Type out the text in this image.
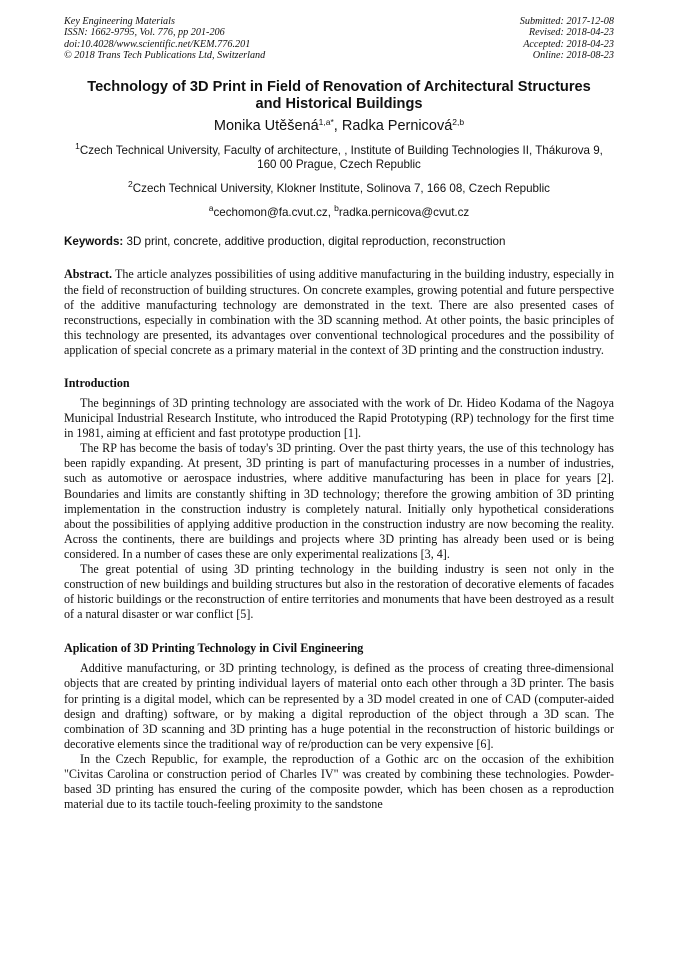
Key Engineering Materials
ISSN: 1662-9795, Vol. 776, pp 201-206
doi:10.4028/www.scientific.net/KEM.776.201
© 2018 Trans Tech Publications Ltd, Switzerland
Submitted: 2017-12-08
Revised: 2018-04-23
Accepted: 2018-04-23
Online: 2018-08-23
Technology of 3D Print in Field of Renovation of Architectural Structures and Historical Buildings
Monika Utěšená$^{1,a*}$, Radka Pernicová$^{2,b}$
$^1$Czech Technical University, Faculty of architecture, , Institute of Building Technologies II, Thákurova 9, 160 00 Prague, Czech Republic
$^2$Czech Technical University, Klokner Institute, Solinova 7, 166 08, Czech Republic
$^a$cechomon@fa.cvut.cz, $^b$radka.pernicova@cvut.cz
Keywords: 3D print, concrete, additive production, digital reproduction, reconstruction
Abstract. The article analyzes possibilities of using additive manufacturing in the building industry, especially in the field of reconstruction of building structures. On concrete examples, growing potential and future perspective of the additive manufacturing technology are demonstrated in the text. There are also presented cases of reconstructions, especially in combination with the 3D scanning method. At other points, the basic principles of this technology are presented, its advantages over conventional technological procedures and the possibility of application of special concrete as a primary material in the context of 3D printing and the construction industry.
Introduction

The beginnings of 3D printing technology are associated with the work of Dr. Hideo Kodama of the Nagoya Municipal Industrial Research Institute, who introduced the Rapid Prototyping (RP) technology for the first time in 1981, aiming at efficient and fast prototype production [1].

The RP has become the basis of today's 3D printing. Over the past thirty years, the use of this technology has been rapidly expanding. At present, 3D printing is part of manufacturing processes in a number of industries, such as automotive or aerospace industries, where additive manufacturing has been in place for years [2]. Boundaries and limits are constantly shifting in 3D technology; therefore the growing ambition of 3D printing implementation in the construction industry is completely natural. Initially only hypothetical considerations about the possibilities of applying additive production in the construction industry are now becoming the reality. Across the continents, there are buildings and projects where 3D printing has already been used or is being considered. In a number of cases these are only experimental realizations [3, 4].

The great potential of using 3D printing technology in the building industry is seen not only in the construction of new buildings and building structures but also in the restoration of decorative elements of facades of historic buildings or the reconstruction of entire territories and monuments that have been destroyed as a result of a natural disaster or war conflict [5].

Aplication of 3D Printing Technology in Civil Engineering

Additive manufacturing, or 3D printing technology, is defined as the process of creating three-dimensional objects that are created by printing individual layers of material onto each other through a 3D printer. The basis for printing is a digital model, which can be represented by a 3D model created in one of CAD (computer-aided design and drafting) software, or by making a digital reproduction of the object through a 3D scan. The combination of 3D scanning and 3D printing has a huge potential in the reconstruction of historic buildings or decorative elements since the traditional way of re/production can be very expensive [6].

In the Czech Republic, for example, the reproduction of a Gothic arc on the occasion of the exhibition "Civitas Carolina or construction period of Charles IV" was created by combining these technologies. Powder-based 3D printing has ensured the curing of the composite powder, which has been chosen as a reproduction material due to its tactile touch-feeling proximity to the sandstone
